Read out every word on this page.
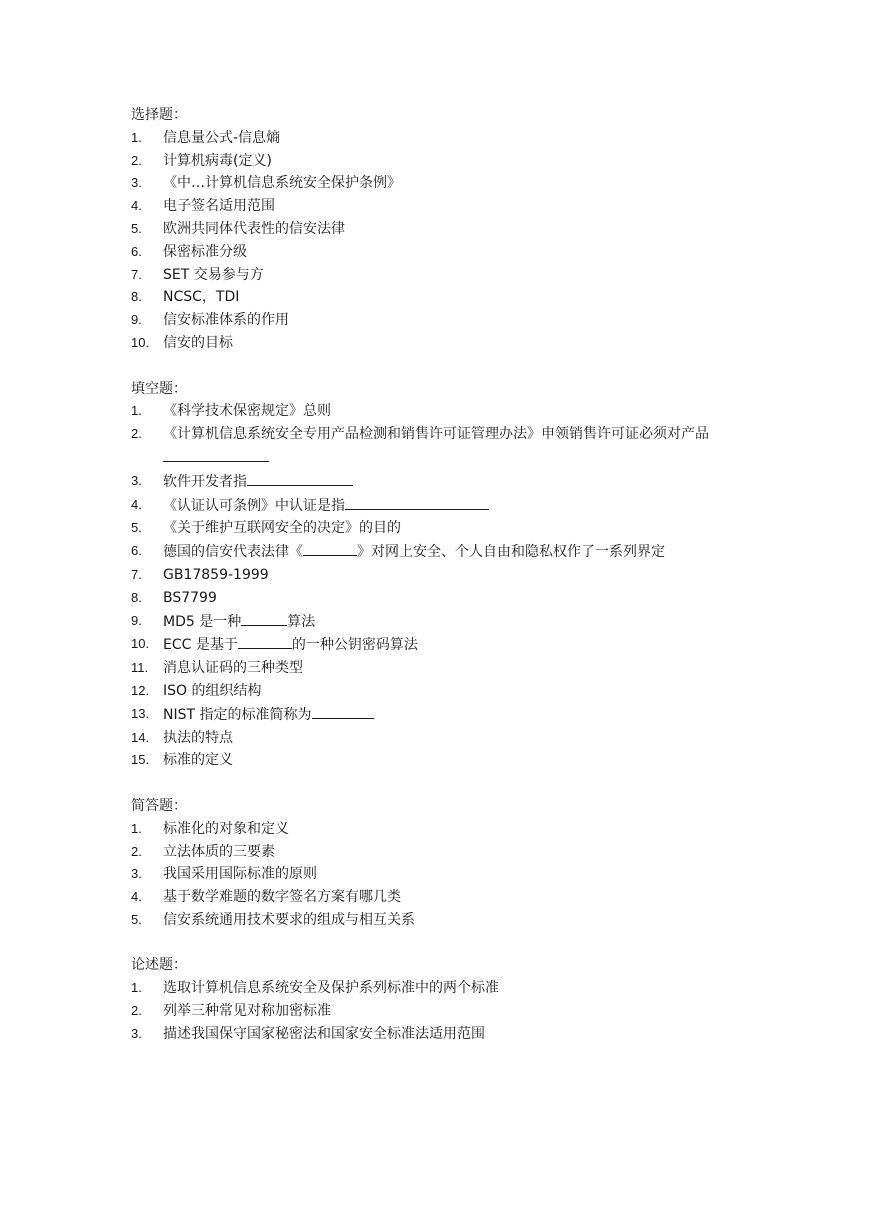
选择题：
1.	信息量公式-信息熵
2.	计算机病毒(定义)
3.	《中…计算机信息系统安全保护条例》
4.	电子签名适用范围
5.	欧洲共同体代表性的信安法律
6.	保密标准分级
7.	SET 交易参与方
8.	NCSC，TDI
9.	信安标准体系的作用
10. 信安的目标
填空题：
1.	《科学技术保密规定》总则
2.	《计算机信息系统安全专用产品检测和销售许可证管理办法》申领销售许可证必须对产品
3.	软件开发者指
4.	《认证认可条例》中认证是指
5.	《关于维护互联网安全的决定》的目的
6.	德国的信安代表法律《	》对网上安全、个人自由和隐私权作了一系列界定
7.	GB17859-1999
8.	BS7799
9.	MD5 是一种	算法
10. ECC 是基于	的一种公钥密码算法
11.	消息认证码的三种类型
12. ISO 的组织结构
13. NIST 指定的标准简称为
14. 执法的特点
15. 标准的定义
简答题：
1.	标准化的对象和定义
2.	立法体质的三要素
3.	我国采用国际标准的原则
4.	基于数学难题的数字签名方案有哪几类
5.	信安系统通用技术要求的组成与相互关系
论述题：
1.	选取计算机信息系统安全及保护系列标准中的两个标准
2.	列举三种常见对称加密标准
3.	描述我国保守国家秘密法和国家安全标准法适用范围
